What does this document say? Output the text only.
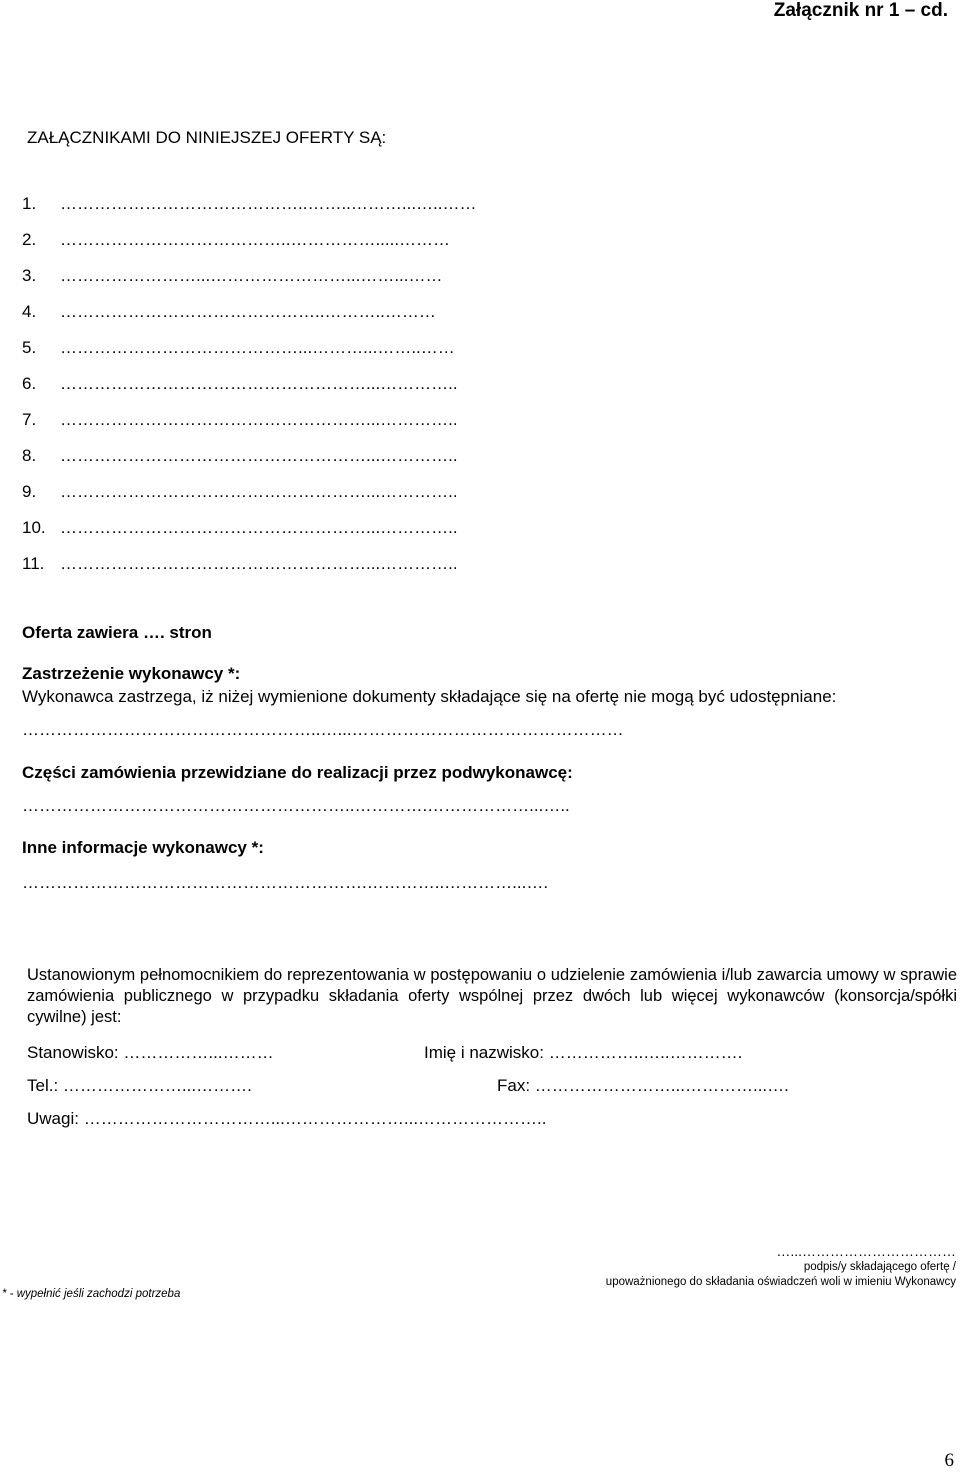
Załącznik nr 1 – cd.
ZAŁĄCZNIKAMI DO NINIEJSZEJ OFERTY SĄ:
1. ……………………………………..……..………...…..……
2. …………………………………..…………….....………
3. ……………………...……………………...……...……
4. ………………………………………..………..………
5. ……………………………………...………...……..……
6. ………………………………………………...…………..
7. ………………………………………………...…………..
8. ………………………………………………...…………..
9. ………………………………………………...…………..
10. ………………………………………………...…………..
11. ………………………………………………...…………..
Oferta zawiera …. stron
Zastrzeżenie wykonawcy *:
Wykonawca zastrzega, iż niżej wymienione dokumenty składające się na ofertę nie mogą być udostępniane:
……………………………………………..…...…………………………………………
Części zamówienia przewidziane do realizacji przez podwykonawcę:
…………………………………………………..………….………………...…..
Inne informacje wykonawcy *:
…………………………………………………….…………..…………...….
Ustanowionym pełnomocnikiem do reprezentowania w postępowaniu o udzielenie zamówienia i/lub zawarcia umowy w sprawie zamówienia publicznego w przypadku składania oferty wspólnej przez dwóch lub więcej wykonawców (konsorcja/spółki cywilne) jest:
Stanowisko: ……………...………	Imię i nazwisko: ……………..…..………….
Tel.: …………………...……….	Fax: ……………………...…………...….
Uwagi: ……………………………...…………………...…………………..
…...……………………………
podpis/y składającego ofertę /
upoważnionego do składania oświadczeń woli w imieniu Wykonawcy
* - wypełnić jeśli zachodzi potrzeba
6
